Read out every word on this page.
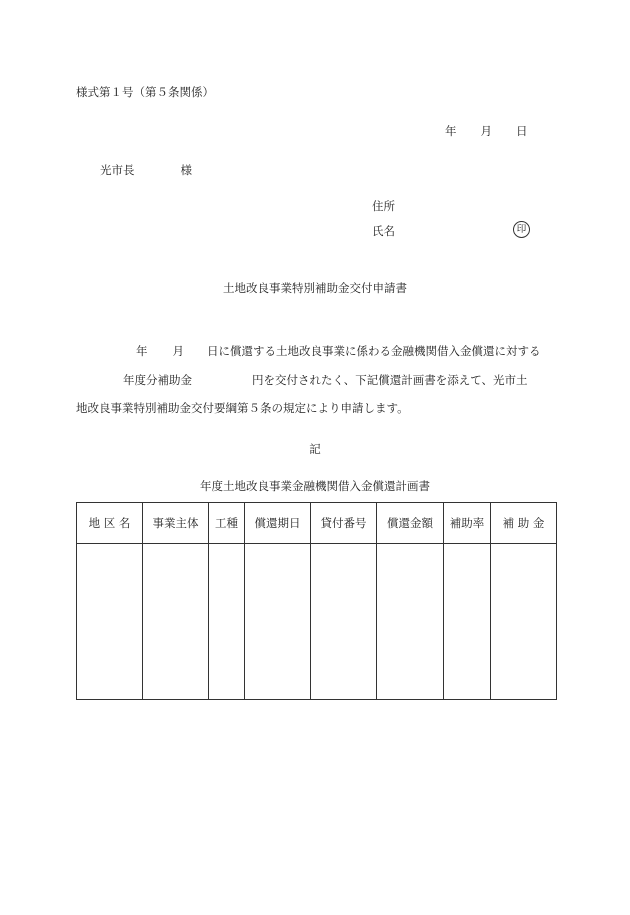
様式第１号（第５条関係）
年 月 日
光市長	様
住所
氏名	印
土地改良事業特別補助金交付申請書
年 月 日に償還する土地改良事業に係わる金融機関借入金償還に対する
年度分補助金	円を交付されたく、下記償還計画書を添えて、光市土
地改良事業特別補助金交付要綱第５条の規定により申請します。
記
年度土地改良事業金融機関借入金償還計画書
地 区 名	事業主体	工種	償還期日	貸付番号	償還金額	補助率	補 助 金
